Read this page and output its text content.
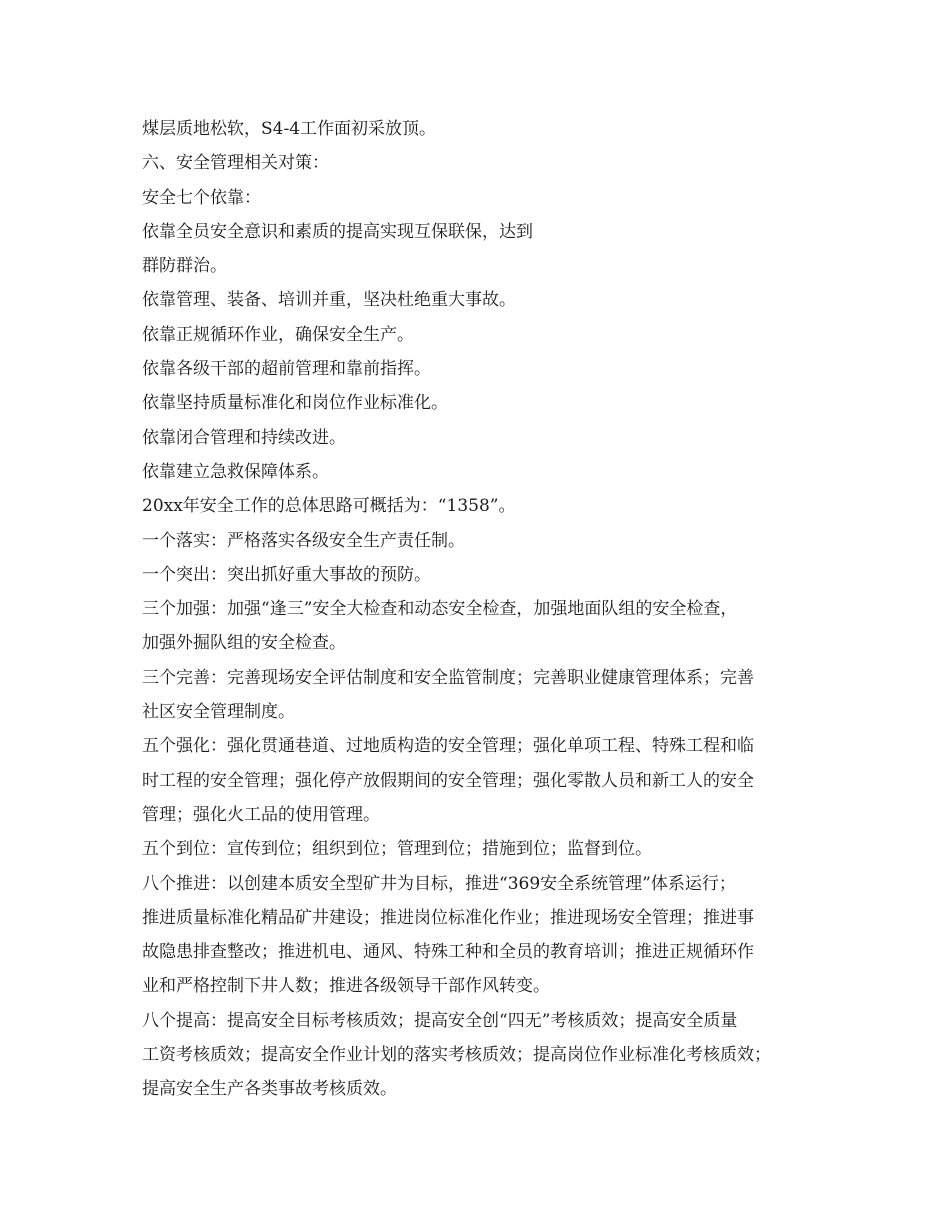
煤层质地松软，S4-4工作面初采放顶。
六、安全管理相关对策：
安全七个依靠：
依靠全员安全意识和素质的提高实现互保联保，达到
群防群治。
依靠管理、装备、培训并重，坚决杜绝重大事故。
依靠正规循环作业，确保安全生产。
依靠各级干部的超前管理和靠前指挥。
依靠坚持质量标准化和岗位作业标准化。
依靠闭合管理和持续改进。
依靠建立急救保障体系。
20xx年安全工作的总体思路可概括为：“1358”。
一个落实：严格落实各级安全生产责任制。
一个突出：突出抓好重大事故的预防。
三个加强：加强“逢三”安全大检查和动态安全检查，加强地面队组的安全检查，
加强外掘队组的安全检查。
三个完善：完善现场安全评估制度和安全监管制度；完善职业健康管理体系；完善
社区安全管理制度。
五个强化：强化贯通巷道、过地质构造的安全管理；强化单项工程、特殊工程和临
时工程的安全管理；强化停产放假期间的安全管理；强化零散人员和新工人的安全
管理；强化火工品的使用管理。
五个到位：宣传到位；组织到位；管理到位；措施到位；监督到位。
八个推进：以创建本质安全型矿井为目标，推进“369安全系统管理”体系运行；
推进质量标准化精品矿井建设；推进岗位标准化作业；推进现场安全管理；推进事
故隐患排查整改；推进机电、通风、特殊工种和全员的教育培训；推进正规循环作
业和严格控制下井人数；推进各级领导干部作风转变。
八个提高：提高安全目标考核质效；提高安全创“四无”考核质效；提高安全质量
工资考核质效；提高安全作业计划的落实考核质效；提高岗位作业标准化考核质效；
提高安全生产各类事故考核质效。
